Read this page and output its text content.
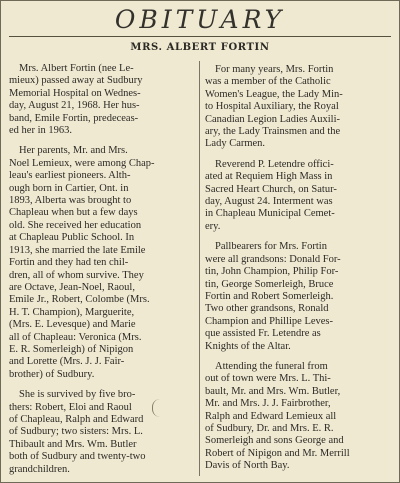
OBITUARY
MRS. ALBERT FORTIN

Mrs. Albert Fortin (nee Le-
mieux) passed away at Sudbury
Memorial Hospital on Wednes-
day, August 21, 1968. Her hus-
band, Emile Fortin, predeceas-
ed her in 1963.

Her parents, Mr. and Mrs.
Noel Lemieux, were among Chap-
leau's earliest pioneers. Alth-
ough born in Cartier, Ont. in
1893, Alberta was brought to
Chapleau when but a few days
old. She received her education
at Chapleau Public School. In
1913, she married the late Emile
Fortin and they had ten chil-
dren, all of whom survive. They
are Octave, Jean-Noel, Raoul,
Emile Jr., Robert, Colombe (Mrs.
H. T. Champion), Marguerite,
(Mrs. E. Levesque) and Marie
all of Chapleau: Veronica (Mrs.
E. R. Somerleigh) of Nipigon
and Lorette (Mrs. J. J. Fair-
brother) of Sudbury.

She is survived by five bro-
thers: Robert, Eloi and Raoul
of Chapleau, Ralph and Edward
of Sudbury; two sisters: Mrs. L.
Thibault and Mrs. Wm. Butler
both of Sudbury and twenty-two
grandchildren.

For many years, Mrs. Fortin
was a member of the Catholic
Women's League, the Lady Min-
to Hospital Auxiliary, the Royal
Canadian Legion Ladies Auxili-
ary, the Lady Trainsmen and the
Lady Carmen.

Reverend P. Letendre offici-
ated at Requiem High Mass in
Sacred Heart Church, on Satur-
day, August 24. Interment was
in Chapleau Municipal Cemet-
ery.

Pallbearers for Mrs. Fortin
were all grandsons: Donald For-
tin, John Champion, Philip For-
tin, George Somerleigh, Bruce
Fortin and Robert Somerleigh.
Two other grandsons, Ronald
Champion and Phillipe Leves-
que assisted Fr. Letendre as
Knights of the Altar.

Attending the funeral from
out of town were Mrs. L. Thi-
bault, Mr. and Mrs. Wm. Butler,
Mr. and Mrs. J. J. Fairbrother,
Ralph and Edward Lemieux all
of Sudbury, Dr. and Mrs. E. R.
Somerleigh and sons George and
Robert of Nipigon and Mr. Merrill
Davis of North Bay.
